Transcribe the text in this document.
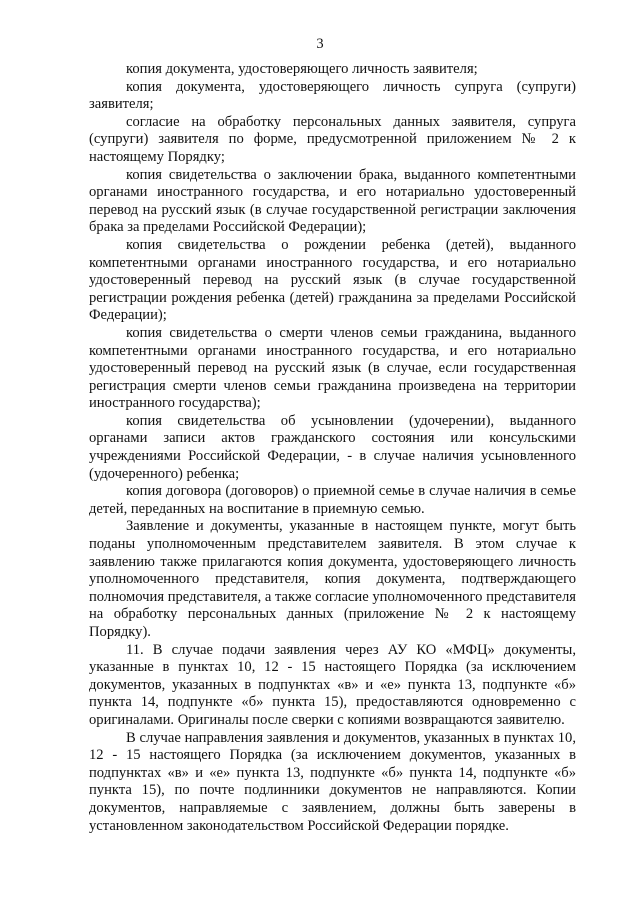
3

копия документа, удостоверяющего личность заявителя;

копия документа, удостоверяющего личность супруга (супруги) заявителя;

согласие на обработку персональных данных заявителя, супруга (супруги) заявителя по форме, предусмотренной приложением № 2 к настоящему Порядку;

копия свидетельства о заключении брака, выданного компетентными органами иностранного государства, и его нотариально удостоверенный перевод на русский язык (в случае государственной регистрации заключения брака за пределами Российской Федерации);

копия свидетельства о рождении ребенка (детей), выданного компетентными органами иностранного государства, и его нотариально удостоверенный перевод на русский язык (в случае государственной регистрации рождения ребенка (детей) гражданина за пределами Российской Федерации);

копия свидетельства о смерти членов семьи гражданина, выданного компетентными органами иностранного государства, и его нотариально удостоверенный перевод на русский язык (в случае, если государственная регистрация смерти членов семьи гражданина произведена на территории иностранного государства);

копия свидетельства об усыновлении (удочерении), выданного органами записи актов гражданского состояния или консульскими учреждениями Российской Федерации, - в случае наличия усыновленного (удочеренного) ребенка;

копия договора (договоров) о приемной семье в случае наличия в семье детей, переданных на воспитание в приемную семью.

Заявление и документы, указанные в настоящем пункте, могут быть поданы уполномоченным представителем заявителя. В этом случае к заявлению также прилагаются копия документа, удостоверяющего личность уполномоченного представителя, копия документа, подтверждающего полномочия представителя, а также согласие уполномоченного представителя на обработку персональных данных (приложение № 2 к настоящему Порядку).

11. В случае подачи заявления через АУ КО «МФЦ» документы, указанные в пунктах 10, 12 - 15 настоящего Порядка (за исключением документов, указанных в подпунктах «в» и «е» пункта 13, подпункте «б» пункта 14, подпункте «б» пункта 15), предоставляются одновременно с оригиналами. Оригиналы после сверки с копиями возвращаются заявителю.

В случае направления заявления и документов, указанных в пунктах 10, 12 - 15 настоящего Порядка (за исключением документов, указанных в подпунктах «в» и «е» пункта 13, подпункте «б» пункта 14, подпункте «б» пункта 15), по почте подлинники документов не направляются. Копии документов, направляемые с заявлением, должны быть заверены в установленном законодательством Российской Федерации порядке.
